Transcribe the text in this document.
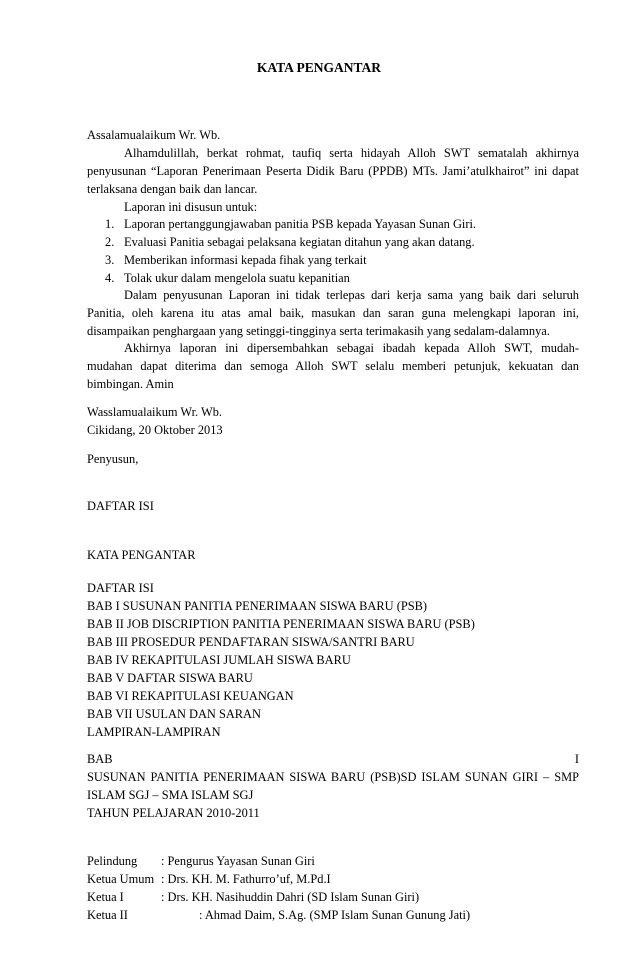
KATA PENGANTAR
Assalamualaikum Wr. Wb.
Alhamdulillah, berkat rohmat, taufiq serta hidayah Alloh SWT sematalah akhirnya
penyusunan “Laporan Penerimaan Peserta Didik Baru (PPDB) MTs. Jami’atulkhairot” ini dapat
terlaksana dengan baik dan lancar.
Laporan ini disusun untuk:
1. Laporan pertanggungjawaban panitia PSB kepada Yayasan Sunan Giri.
2. Evaluasi Panitia sebagai pelaksana kegiatan ditahun yang akan datang.
3. Memberikan informasi kepada fihak yang terkait
4. Tolak ukur dalam mengelola suatu kepanitian
Dalam penyusunan Laporan ini tidak terlepas dari kerja sama yang baik dari seluruh
Panitia, oleh karena itu atas amal baik, masukan dan saran guna melengkapi laporan ini,
disampaikan penghargaan yang setinggi-tingginya serta terimakasih yang sedalam-dalamnya.
Akhirnya laporan ini dipersembahkan sebagai ibadah kepada Alloh SWT, mudah-
mudahan dapat diterima dan semoga Alloh SWT selalu memberi petunjuk, kekuatan dan
bimbingan. Amin
Wasslamualaikum Wr. Wb.
Cikidang, 20 Oktober 2013
Penyusun,
DAFTAR ISI
KATA PENGANTAR
DAFTAR ISI
BAB I SUSUNAN PANITIA PENERIMAAN SISWA BARU (PSB)
BAB II JOB DISCRIPTION PANITIA PENERIMAAN SISWA BARU (PSB)
BAB III PROSEDUR PENDAFTARAN SISWA/SANTRI BARU
BAB IV REKAPITULASI JUMLAH SISWA BARU
BAB V DAFTAR SISWA BARU
BAB VI REKAPITULASI KEUANGAN
BAB VII USULAN DAN SARAN
LAMPIRAN-LAMPIRAN
BAB	I
SUSUNAN PANITIA PENERIMAAN SISWA BARU (PSB)SD ISLAM SUNAN GIRI – SMP
ISLAM SGJ – SMA ISLAM SGJ
TAHUN PELAJARAN 2010-2011
Pelindung : Pengurus Yayasan Sunan Giri
Ketua Umum : Drs. KH. M. Fathurro’uf, M.Pd.I
Ketua I	: Drs. KH. Nasihuddin Dahri (SD Islam Sunan Giri)
Ketua II	: Ahmad Daim, S.Ag. (SMP Islam Sunan Gunung Jati)
